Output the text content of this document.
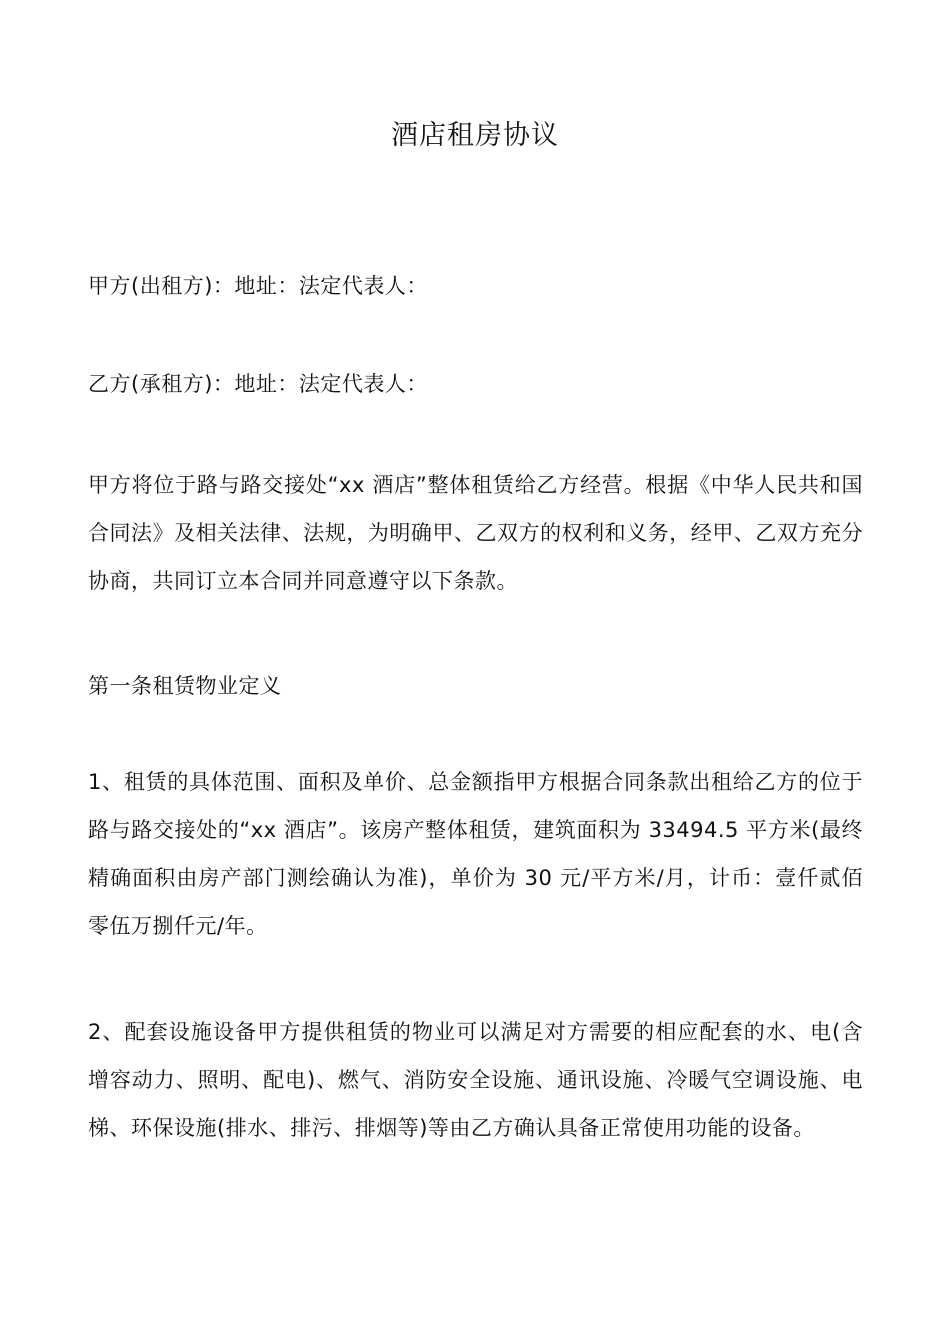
酒店租房协议

甲方(出租方)：地址：法定代表人：

乙方(承租方)：地址：法定代表人：

甲方将位于路与路交接处“xx 酒店”整体租赁给乙方经营。根据《中华人民共和国合同法》及相关法律、法规，为明确甲、乙双方的权利和义务，经甲、乙双方充分协商，共同订立本合同并同意遵守以下条款。

第一条租赁物业定义

1、租赁的具体范围、面积及单价、总金额指甲方根据合同条款出租给乙方的位于路与路交接处的“xx 酒店”。该房产整体租赁，建筑面积为 33494.5 平方米(最终精确面积由房产部门测绘确认为准)，单价为 30 元/平方米/月，计币：壹仟贰佰零伍万捌仟元/年。

2、配套设施设备甲方提供租赁的物业可以满足对方需要的相应配套的水、电(含增容动力、照明、配电)、燃气、消防安全设施、通讯设施、冷暖气空调设施、电梯、环保设施(排水、排污、排烟等)等由乙方确认具备正常使用功能的设备。
